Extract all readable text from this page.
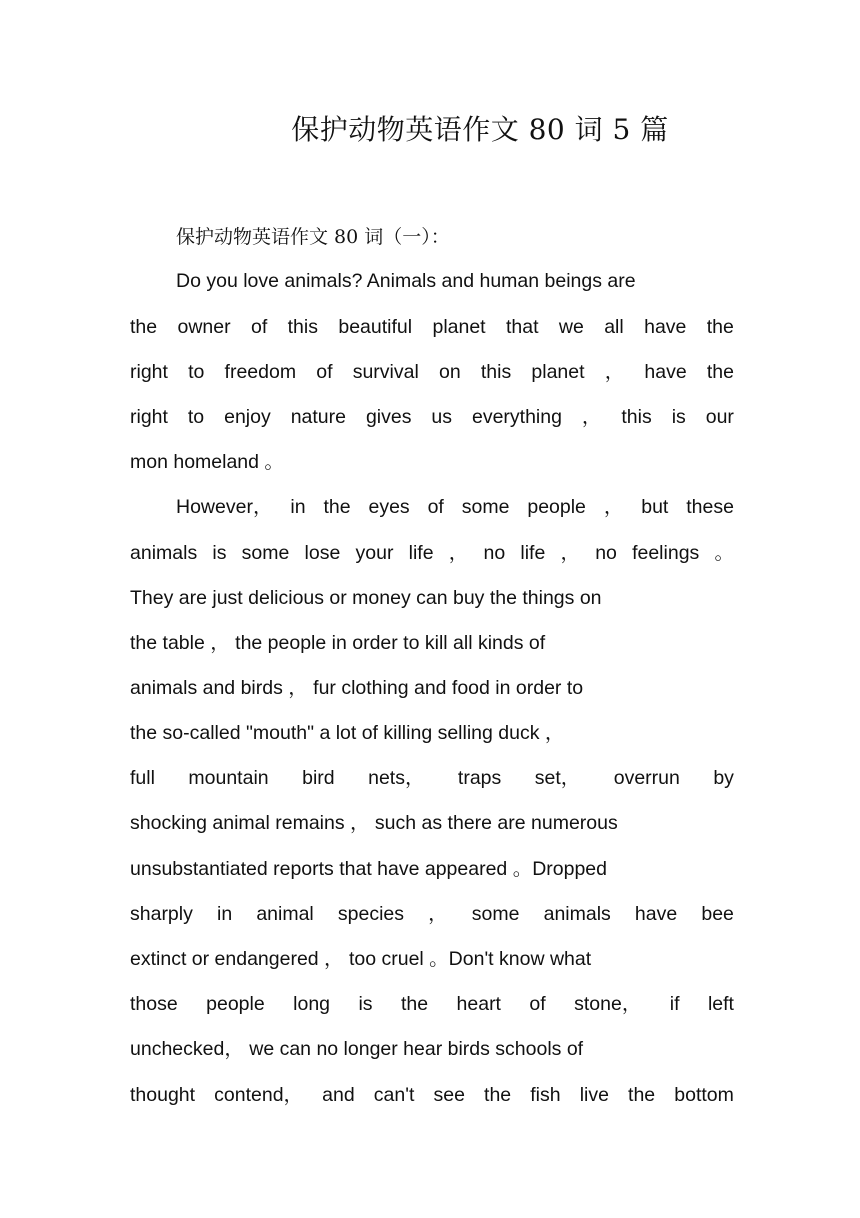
保护动物英语作文 80 词 5 篇
保护动物英语作文 80 词（一）：
Do you love animals? Animals and human beings are
the owner of this beautiful planet that we all have the
right to freedom of survival on this planet ， have the
right to enjoy nature gives us everything ， this is our
mon homeland 。
However， in the eyes of some people ， but these
animals is some lose your life ， no life ， no feelings 。
They are just delicious or money can buy the things on
the table ， the people in order to kill all kinds of
animals and birds ， fur clothing and food in order to
the so-called "mouth" a lot of killing selling duck ，
full mountain bird nets， traps set， overrun by
shocking animal remains ， such as there are numerous
unsubstantiated reports that have appeared 。Dropped
sharply in animal species ， some animals have bee
extinct or endangered ， too cruel 。Don't know what
those people long is the heart of stone， if left
unchecked， we can no longer hear birds schools of
thought contend， and can't see the fish live the bottom
